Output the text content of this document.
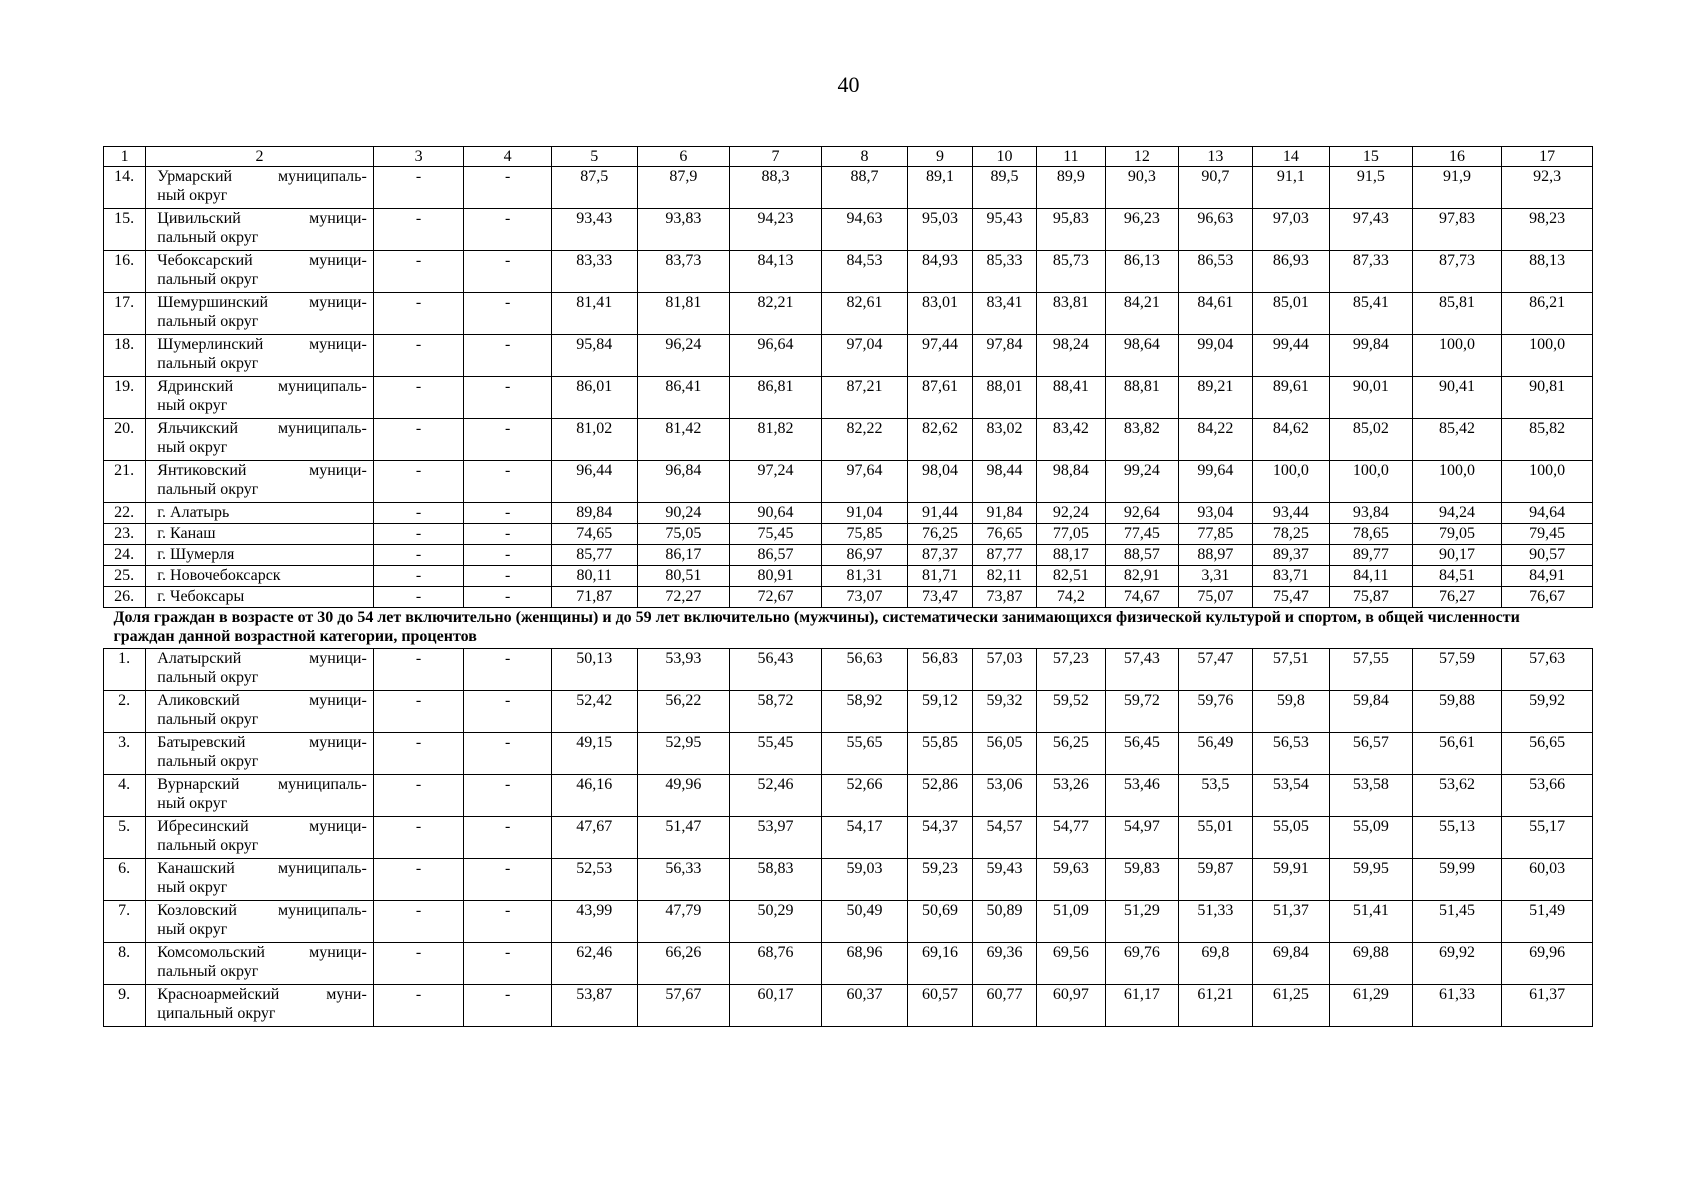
40
1	2	3	4	5	6	7	8	9	10	11	12	13	14	15	16	17
14.	Урмарский муниципаль-
ный округ	-	-	87,5	87,9	88,3	88,7	89,1	89,5	89,9	90,3	90,7	91,1	91,5	91,9	92,3
15.	Цивильский муници-
пальный округ	-	-	93,43	93,83	94,23	94,63	95,03	95,43	95,83	96,23	96,63	97,03	97,43	97,83	98,23
16.	Чебоксарский муници-
пальный округ	-	-	83,33	83,73	84,13	84,53	84,93	85,33	85,73	86,13	86,53	86,93	87,33	87,73	88,13
17.	Шемуршинский муници-
пальный округ	-	-	81,41	81,81	82,21	82,61	83,01	83,41	83,81	84,21	84,61	85,01	85,41	85,81	86,21
18.	Шумерлинский муници-
пальный округ	-	-	95,84	96,24	96,64	97,04	97,44	97,84	98,24	98,64	99,04	99,44	99,84	100,0	100,0
19.	Ядринский муниципаль-
ный округ	-	-	86,01	86,41	86,81	87,21	87,61	88,01	88,41	88,81	89,21	89,61	90,01	90,41	90,81
20.	Яльчикский муниципаль-
ный округ	-	-	81,02	81,42	81,82	82,22	82,62	83,02	83,42	83,82	84,22	84,62	85,02	85,42	85,82
21.	Янтиковский муници-
пальный округ	-	-	96,44	96,84	97,24	97,64	98,04	98,44	98,84	99,24	99,64	100,0	100,0	100,0	100,0
22.	г. Алатырь	-	-	89,84	90,24	90,64	91,04	91,44	91,84	92,24	92,64	93,04	93,44	93,84	94,24	94,64
23.	г. Канаш	-	-	74,65	75,05	75,45	75,85	76,25	76,65	77,05	77,45	77,85	78,25	78,65	79,05	79,45
24.	г. Шумерля	-	-	85,77	86,17	86,57	86,97	87,37	87,77	88,17	88,57	88,97	89,37	89,77	90,17	90,57
25.	г. Новочебоксарск	-	-	80,11	80,51	80,91	81,31	81,71	82,11	82,51	82,91	3,31	83,71	84,11	84,51	84,91
26.	г. Чебоксары	-	-	71,87	72,27	72,67	73,07	73,47	73,87	74,2	74,67	75,07	75,47	75,87	76,27	76,67
Доля граждан в возрасте от 30 до 54 лет включительно (женщины) и до 59 лет включительно (мужчины), систематически занимающихся физической культурой и спортом, в общей численности граждан данной возрастной категории, процентов																
1.	Алатырский муници-
пальный округ	-	-	50,13	53,93	56,43	56,63	56,83	57,03	57,23	57,43	57,47	57,51	57,55	57,59	57,63
2.	Аликовский муници-
пальный округ	-	-	52,42	56,22	58,72	58,92	59,12	59,32	59,52	59,72	59,76	59,8	59,84	59,88	59,92
3.	Батыревский муници-
пальный округ	-	-	49,15	52,95	55,45	55,65	55,85	56,05	56,25	56,45	56,49	56,53	56,57	56,61	56,65
4.	Вурнарский муниципаль-
ный округ	-	-	46,16	49,96	52,46	52,66	52,86	53,06	53,26	53,46	53,5	53,54	53,58	53,62	53,66
5.	Ибресинский муници-
пальный округ	-	-	47,67	51,47	53,97	54,17	54,37	54,57	54,77	54,97	55,01	55,05	55,09	55,13	55,17
6.	Канашский муниципаль-
ный округ	-	-	52,53	56,33	58,83	59,03	59,23	59,43	59,63	59,83	59,87	59,91	59,95	59,99	60,03
7.	Козловский муниципаль-
ный округ	-	-	43,99	47,79	50,29	50,49	50,69	50,89	51,09	51,29	51,33	51,37	51,41	51,45	51,49
8.	Комсомольский муници-
пальный округ	-	-	62,46	66,26	68,76	68,96	69,16	69,36	69,56	69,76	69,8	69,84	69,88	69,92	69,96
9.	Красноармейский муни-
ципальный округ	-	-	53,87	57,67	60,17	60,37	60,57	60,77	60,97	61,17	61,21	61,25	61,29	61,33	61,37
